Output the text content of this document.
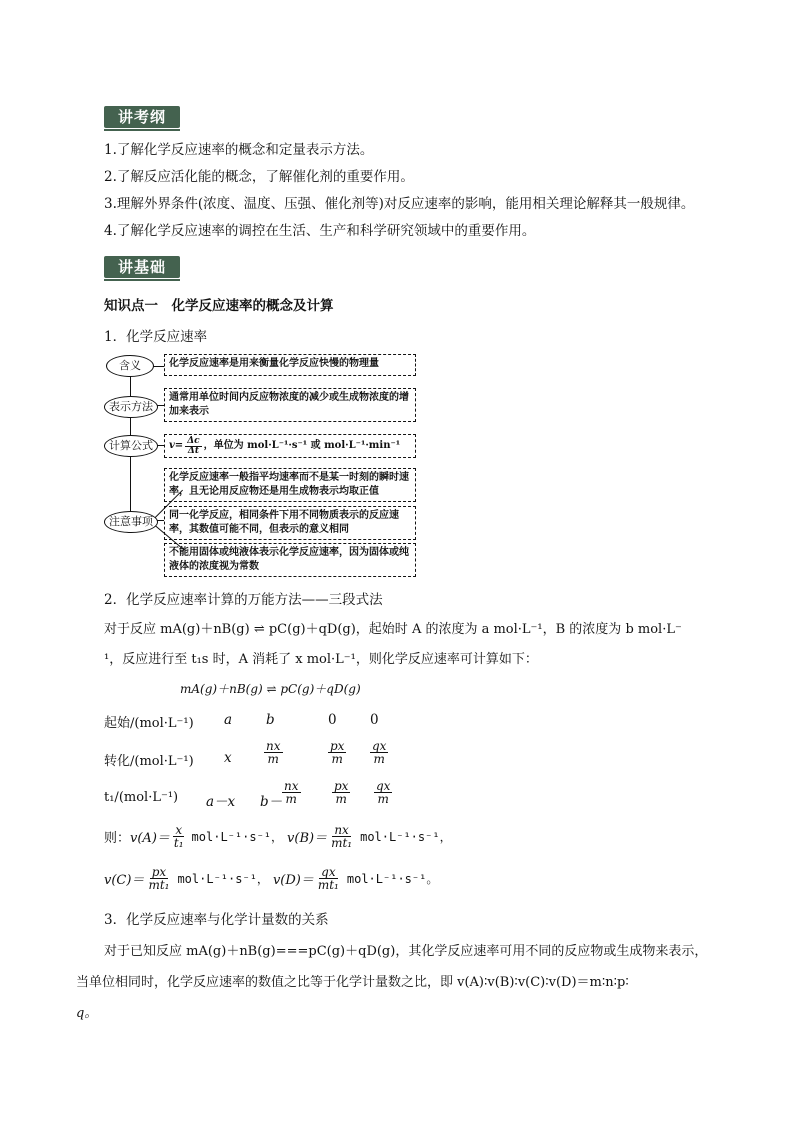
讲考纲
1.了解化学反应速率的概念和定量表示方法。
2.了解反应活化能的概念，了解催化剂的重要作用。
3.理解外界条件(浓度、温度、压强、催化剂等)对反应速率的影响，能用相关理论解释其一般规律。
4.了解化学反应速率的调控在生活、生产和科学研究领域中的重要作用。
讲基础
知识点一　化学反应速率的概念及计算
1．化学反应速率
含义
表示方法
计算公式
注意事项
化学反应速率是用来衡量化学反应快慢的物理量
通常用单位时间内反应物浓度的减少或生成物浓度的增加来表示
$v= \frac{\Delta c}{\Delta t}$ ，单位为 mol·L⁻¹·s⁻¹ 或 mol·L⁻¹·min⁻¹
化学反应速率一般指平均速率而不是某一时刻的瞬时速率，且无论用反应物还是用生成物表示均取正值
同一化学反应，相同条件下用不同物质表示的反应速率，其数值可能不同，但表示的意义相同
不能用固体或纯液体表示化学反应速率，因为固体或纯液体的浓度视为常数
2．化学反应速率计算的万能方法——三段式法
对于反应 mA(g)＋nB(g) ⇌ pC(g)＋qD(g)，起始时 A 的浓度为 a mol·L⁻¹，B 的浓度为 b mol·L⁻
¹，反应进行至 t₁s 时，A 消耗了 x mol·L⁻¹，则化学反应速率可计算如下：
mA(g)＋nB(g) ⇌ pC(g)＋qD(g)
起始/(mol·L⁻¹) a	b	0 0
转化/(mol·L⁻¹) x	$\frac{nx}{m}$	$\frac{px}{m} \frac{qx}{m}$
t₁/(mol·L⁻¹) a－x $b- \frac{nx}{m}$	$\frac{px}{m} \frac{qx}{m}$
则： $v(A)= \frac{x}{\text{t₁}} mol\cdot L^{-1}\cdot s^{-1}$， $v(B)= \frac{nx}{\text{mt₁}} mol\cdot L^{-1}\cdot s^{-1}$，
$v(C)= \frac{px}{\text{mt₁}} mol\cdot L^{-1}\cdot s^{-1}$， $v(D)= \frac{qx}{\text{mt₁}} mol\cdot L^{-1}\cdot s^{-1}$。
3．化学反应速率与化学计量数的关系
对于已知反应 mA(g)＋nB(g)===pC(g)＋qD(g)，其化学反应速率可用不同的反应物或生成物来表示，
当单位相同时，化学反应速率的数值之比等于化学计量数之比，即 v(A)∶v(B)∶v(C)∶v(D)＝m∶n∶p∶
q。
